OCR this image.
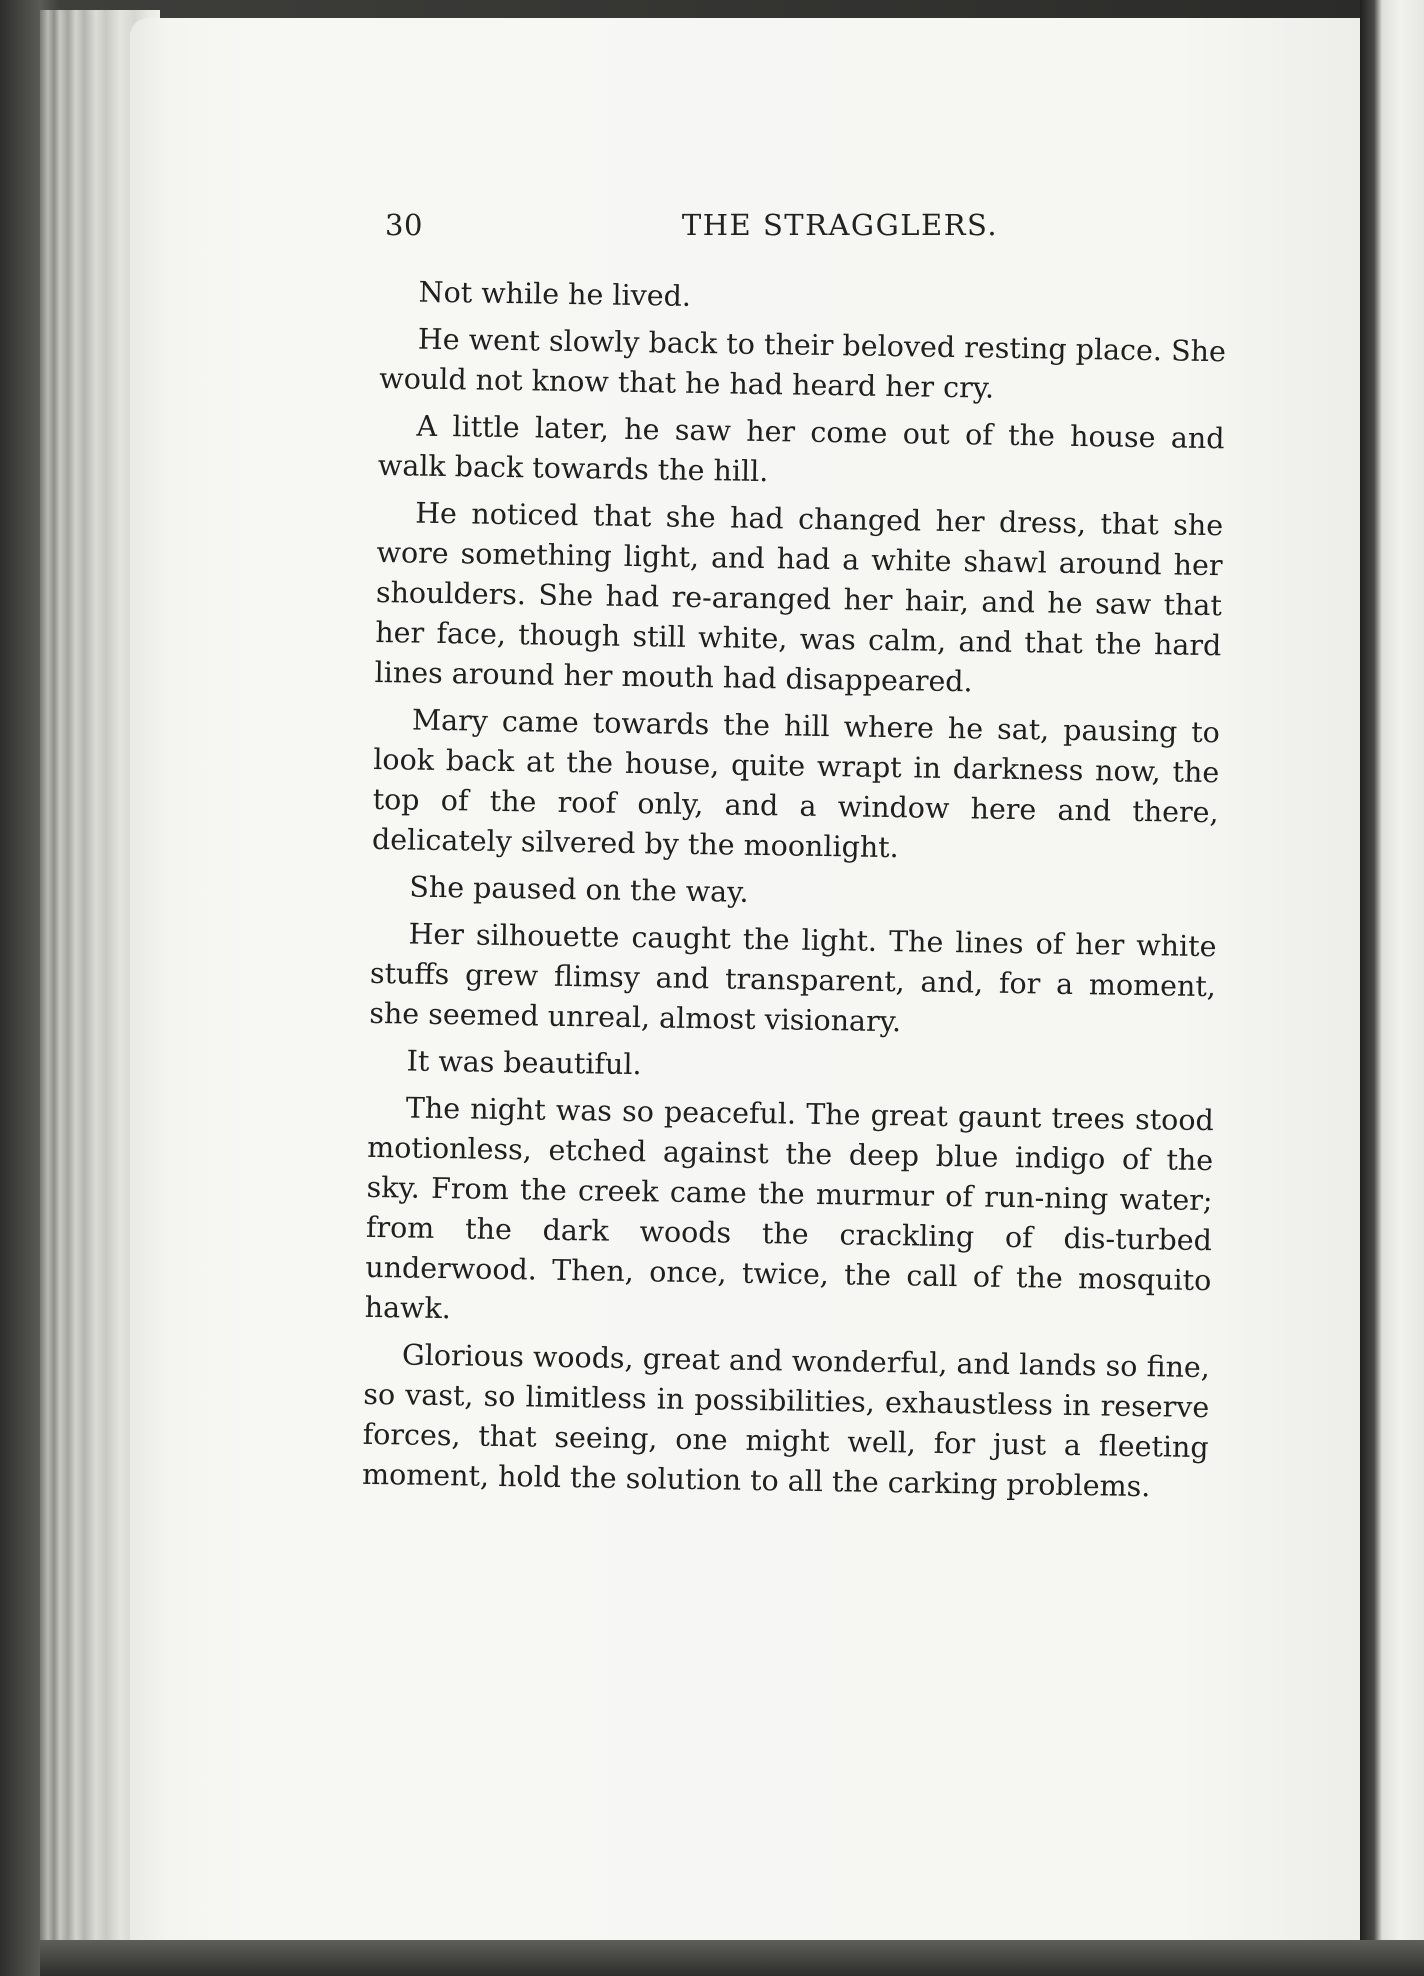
30	THE STRAGGLERS.

Not while he lived.

He went slowly back to their beloved resting place. She would not know that he had heard her cry.

A little later, he saw her come out of the house and walk back towards the hill.

He noticed that she had changed her dress, that she wore something light, and had a white shawl around her shoulders. She had re-aranged her hair, and he saw that her face, though still white, was calm, and that the hard lines around her mouth had disappeared.

Mary came towards the hill where he sat, pausing to look back at the house, quite wrapt in darkness now, the top of the roof only, and a window here and there, delicately silvered by the moonlight.

She paused on the way.

Her silhouette caught the light. The lines of her white stuffs grew flimsy and transparent, and, for a moment, she seemed unreal, almost visionary.

It was beautiful.

The night was so peaceful. The great gaunt trees stood motionless, etched against the deep blue indigo of the sky. From the creek came the murmur of run-ning water; from the dark woods the crackling of dis-turbed underwood. Then, once, twice, the call of the mosquito hawk.

Glorious woods, great and wonderful, and lands so fine, so vast, so limitless in possibilities, exhaustless in reserve forces, that seeing, one might well, for just a fleeting moment, hold the solution to all the carking problems.
